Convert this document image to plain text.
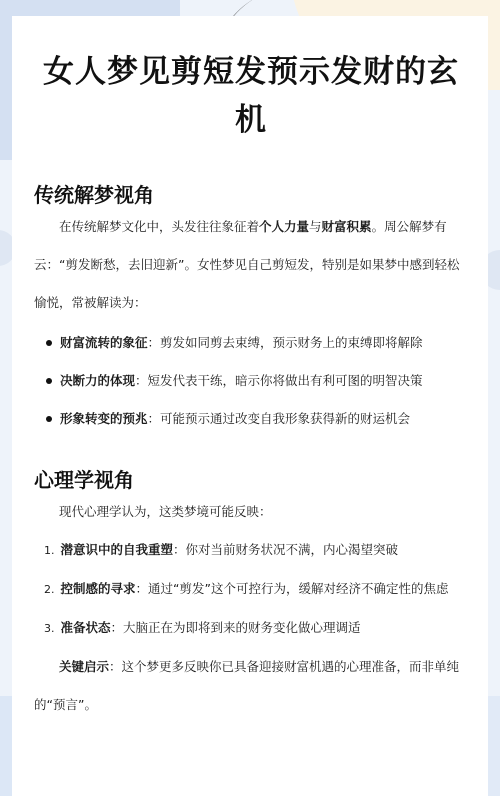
女人梦见剪短发预示发财的玄机
传统解梦视角

在传统解梦文化中，头发往往象征着个人力量与财富积累。周公解梦有云：“剪发断愁，去旧迎新”。女性梦见自己剪短发，特别是如果梦中感到轻松愉悦，常被解读为：

财富流转的象征：剪发如同剪去束缚，预示财务上的束缚即将解除
决断力的体现：短发代表干练，暗示你将做出有利可图的明智决策
形象转变的预兆：可能预示通过改变自我形象获得新的财运机会
心理学视角

现代心理学认为，这类梦境可能反映：

1. 潜意识中的自我重塑：你对当前财务状况不满，内心渴望突破
2. 控制感的寻求：通过“剪发”这个可控行为，缓解对经济不确定性的焦虑
3. 准备状态：大脑正在为即将到来的财务变化做心理调适

关键启示：这个梦更多反映你已具备迎接财富机遇的心理准备，而非单纯的“预言”。
